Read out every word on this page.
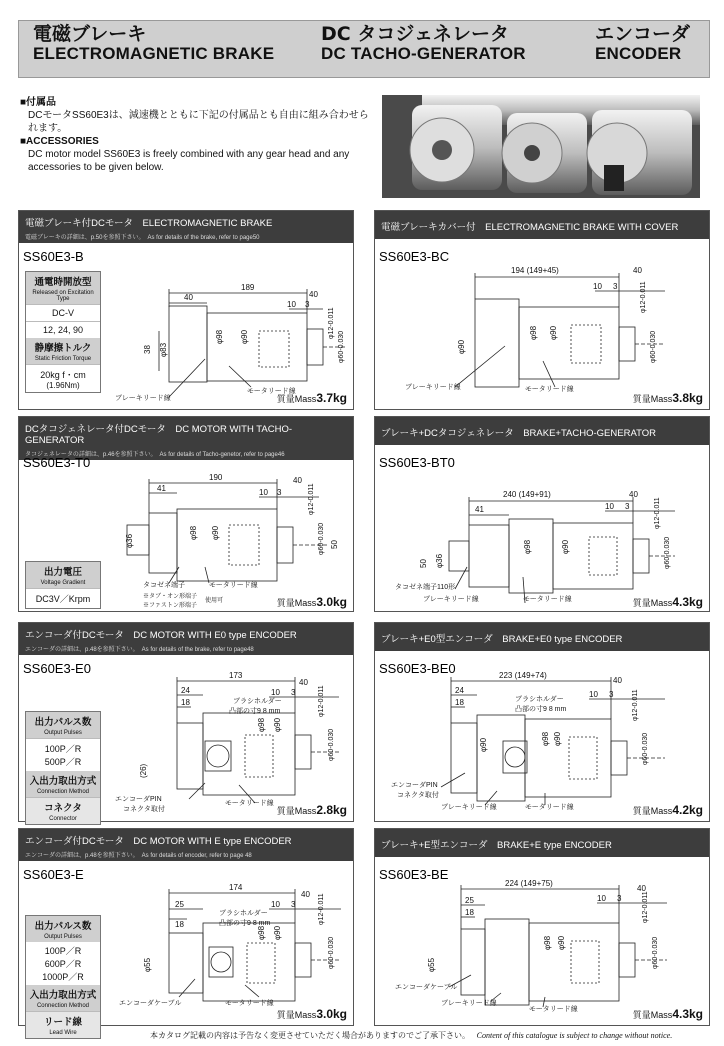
電磁ブレーキ
ELECTROMAGNETIC BRAKE
DC タコジェネレータ
DC TACHO-GENERATOR
エンコーダ
ENCODER
■付属品
DCモータSS60E3は、減速機とともに下記の付属品とも自由に組み合わせられます。
■ACCESSORIES
DC motor model SS60E3 is freely combined with any gear head and any accessories to be given below.
電磁ブレーキ付DCモータ　ELECTROMAGNETIC BRAKE
電磁ブレーキの詳細は、p.50を参照下さい。　As for details of the brake, refer to page50
SS60E3-B
通電時開放型
Released on Excitation Type
DC-V
12, 24, 90
静摩擦トルク
Static Friction Torque
20kg f・cm
(1.96Nm)
189
40
10 3
40
38 φ83
φ98 φ90	φ12-0.011
φ60-0.030
ブレーキリード線
モータリード線
質量Mass3.7kg
電磁ブレーキカバー付　ELECTROMAGNETIC BRAKE WITH COVER
SS60E3-BC
194 (149+45)	40
10 3
φ90
φ98 φ90
φ12-0.011
φ60-0.030
ブレーキリード線	モータリード線
質量Mass3.8kg
DCタコジェネレータ付DCモータ　DC MOTOR WITH TACHO-GENERATOR
タコジェネレータの詳細は、p.46を参照下さい。　As for details of Tacho-genetor, refer to page46
SS60E3-T0
出力電圧
Voltage Gradient
DC3V／Krpm
190
41	10 3
40
50
φ36
φ98 φ90
φ12-0.011
φ60-0.030
タコゼネ端子	モータリード線
※タブ・オン形端子
※ファストン形端子
使用可	質量Mass3.0kg
ブレーキ+DCタコジェネレータ　BRAKE+TACHO-GENERATOR
SS60E3-BT0
240 (149+91)
41	10 3
40
50 φ36
φ98	φ90
φ12-0.011
φ60-0.030
タコゼネ端子110形
ブレーキリード線	モータリード線	質量Mass4.3kg
エンコーダ付DCモータ　DC MOTOR WITH E0 type ENCODER
エンコーダの詳細は、p.48を参照下さい。　As for details of the brake, refer to page48
SS60E3-E0
出力パルス数
Output Pulses
100P／R
500P／R
入出力取出方式
Connection Method
コネクタ
Connector
173
24	10 3
40
18
(26)
φ98 φ90
φ12-0.011
φ60-0.030
ブラシホルダー
凸部の寸9 8 mm
エンコーダPIN
コネクタ取付
モータリード線
質量Mass2.8kg
ブレーキ+E0型エンコーダ　BRAKE+E0 type ENCODER
SS60E3-BE0	223 (149+74)
24	10 3
40
18
φ90	φ98 φ90
φ12-0.011
φ60-0.030
ブラシホルダー
凸部の寸9 8 mm
エンコーダPIN
コネクタ取付
ブレーキリード線	モータリード線	質量Mass4.2kg
エンコーダ付DCモータ　DC MOTOR WITH E type ENCODER
エンコーダの詳細は、p.48を参照下さい。　As for details of encoder, refer to page 48
SS60E3-E
出力パルス数
Output Pulses
100P／R
600P／R
1000P／R
入出力取出方式
Connection Method
リード線
Lead Wire
174
25	10 3
40
18
φ55
φ98 φ90
φ12-0.011
φ60-0.030
ブラシホルダー
凸部の寸9 8 mm
エンコーダケーブル	モータリード線
質量Mass3.0kg
ブレーキ+E型エンコーダ　BRAKE+E type ENCODER
SS60E3-BE
224 (149+75)
25	10 3
40
18
φ55
φ98 φ90
φ12-0.011
φ60-0.030
エンコーダケーブル
ブレーキリード線
モータリード線
質量Mass4.3kg
本カタログ記載の内容は予告なく変更させていただく場合がありますのでご了承下さい。 Content of this catalogue is subject to change without notice.
